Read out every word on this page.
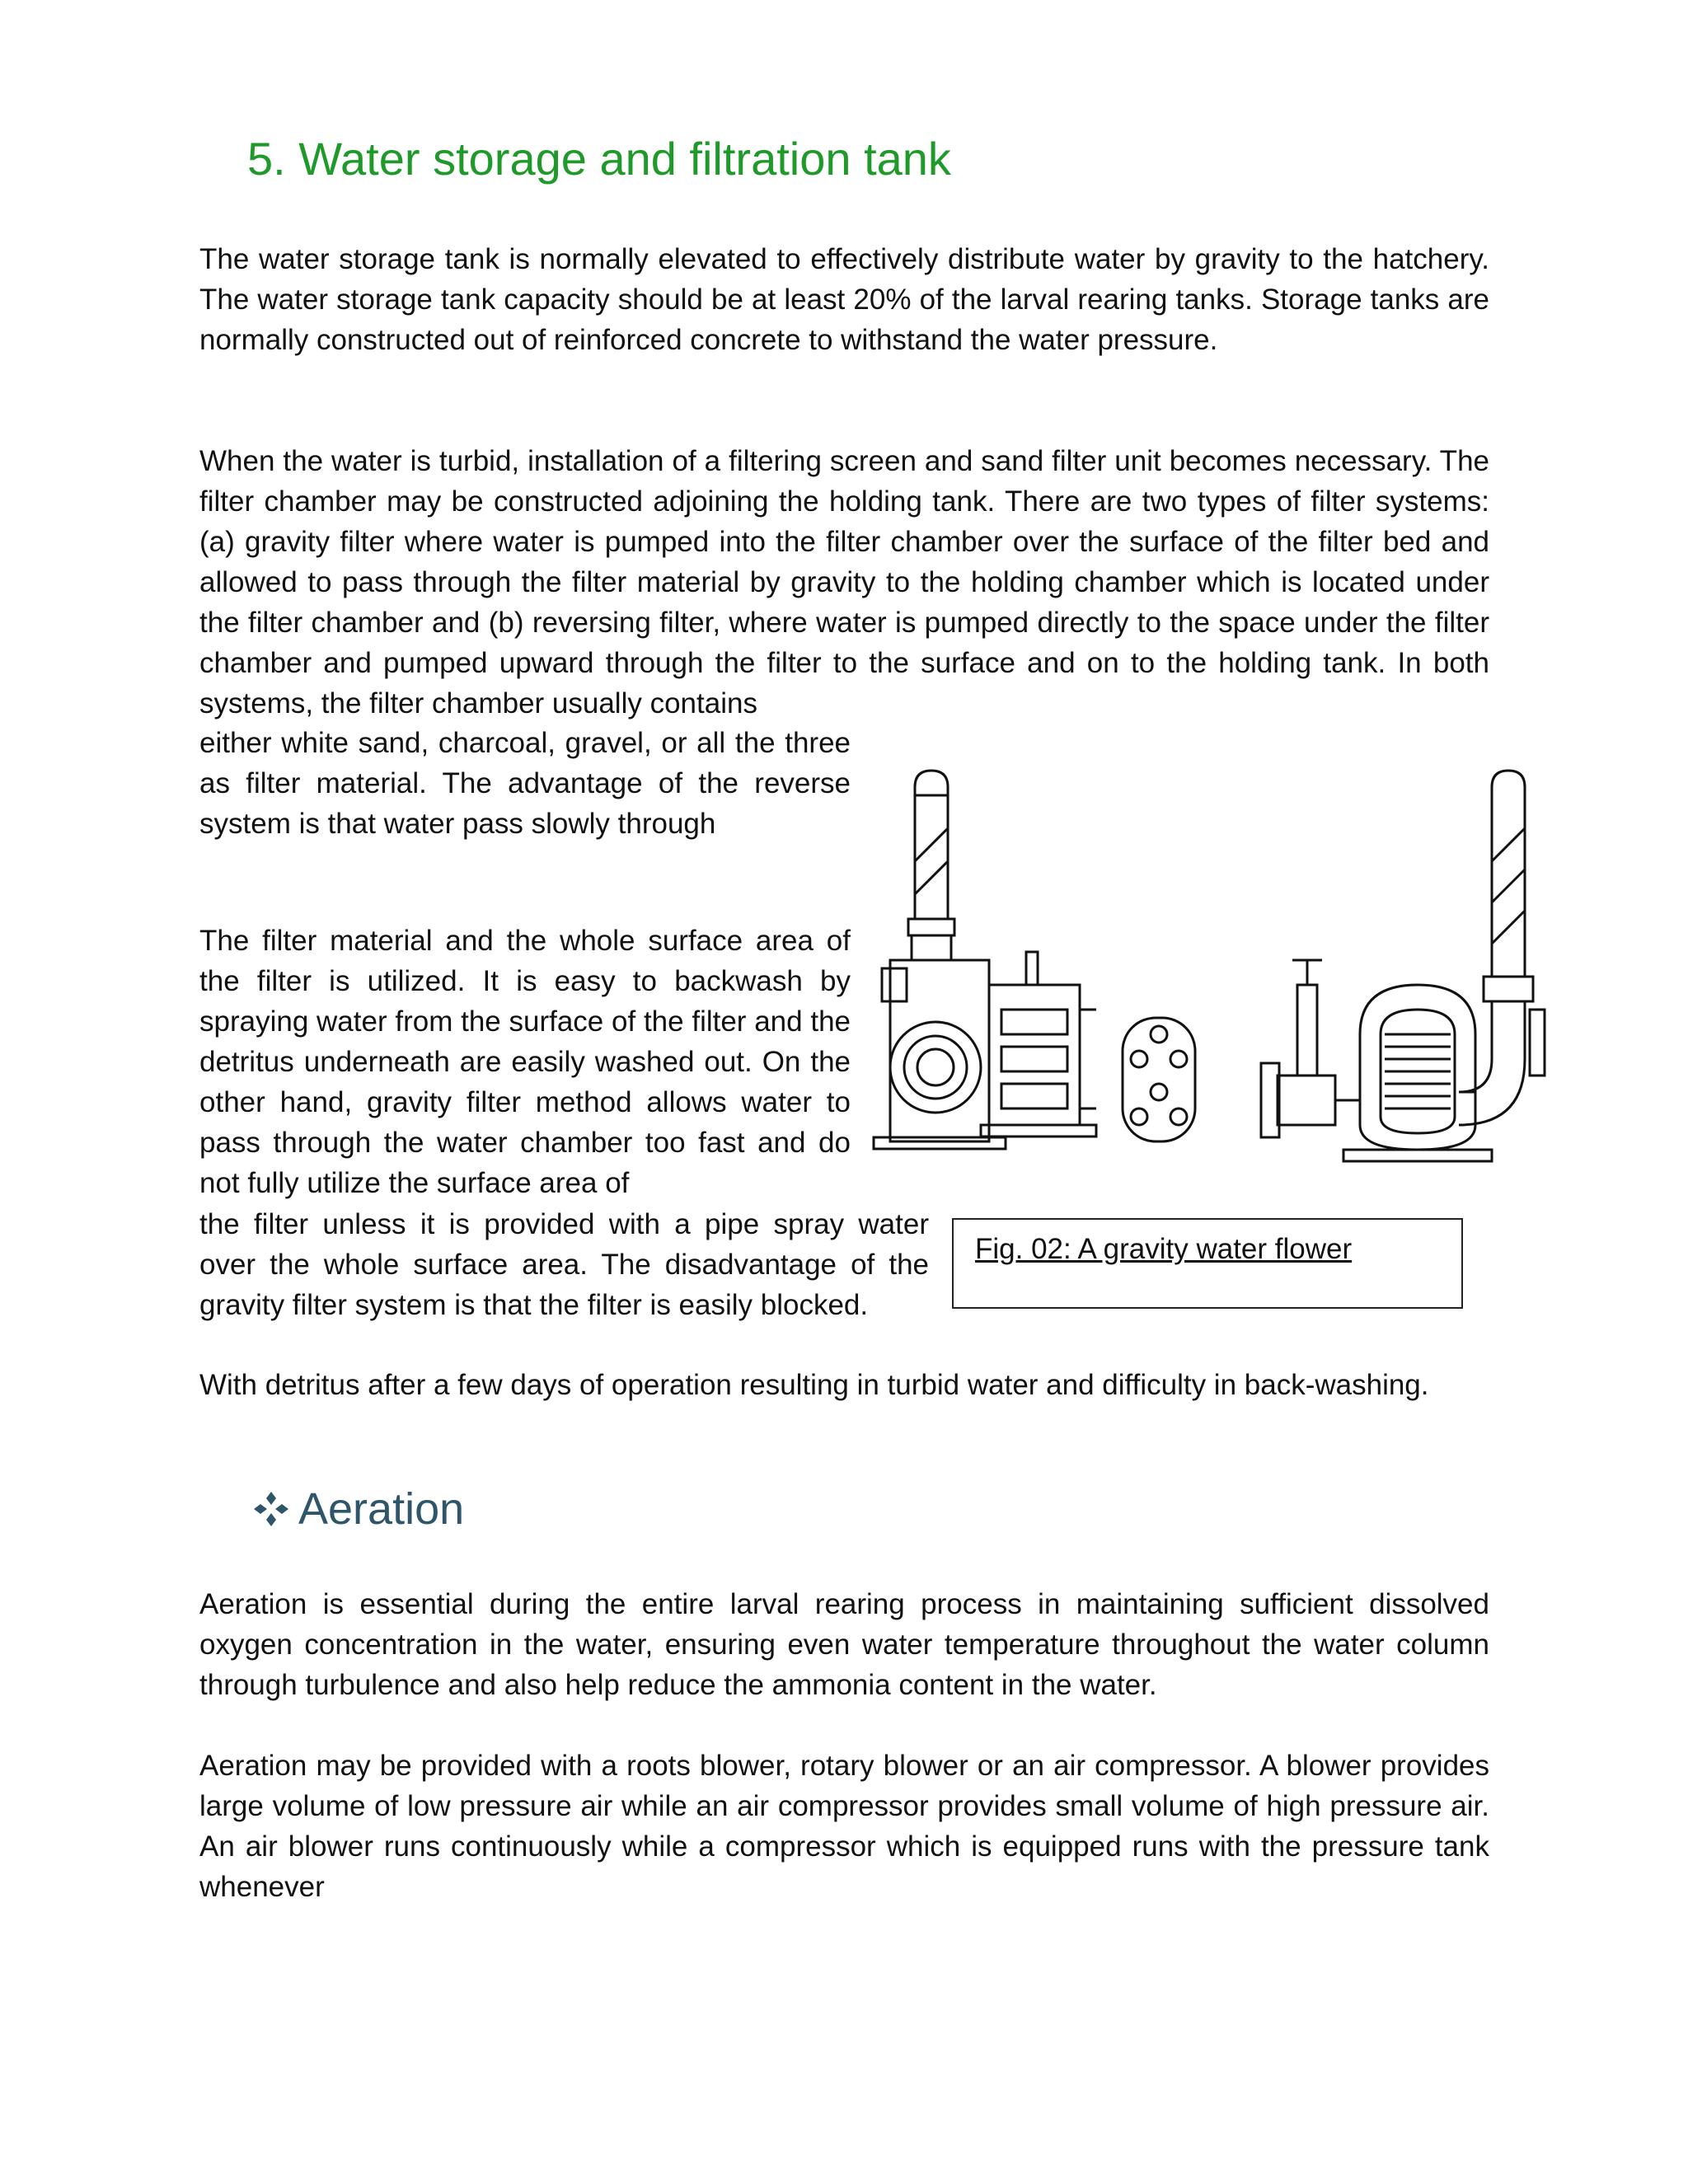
5. Water storage and filtration tank

The water storage tank is normally elevated to effectively distribute water by gravity to the hatchery. The water storage tank capacity should be at least 20% of the larval rearing tanks. Storage tanks are normally constructed out of reinforced concrete to withstand the water pressure.

When the water is turbid, installation of a filtering screen and sand filter unit becomes necessary. The filter chamber may be constructed adjoining the holding tank. There are two types of filter systems: (a) gravity filter where water is pumped into the filter chamber over the surface of the filter bed and allowed to pass through the filter material by gravity to the holding chamber which is located under the filter chamber and (b) reversing filter, where water is pumped directly to the space under the filter chamber and pumped upward through the filter to the surface and on to the holding tank. In both systems, the filter chamber usually contains

either white sand, charcoal, gravel, or all the three as filter material. The advantage of the reverse system is that water pass slowly through

The filter material and the whole surface area of the filter is utilized. It is easy to backwash by spraying water from the surface of the filter and the detritus underneath are easily washed out. On the other hand, gravity filter method allows water to pass through the water chamber too fast and do not fully utilize the surface area of

the filter unless it is provided with a pipe spray water over the whole surface area. The disadvantage of the gravity filter system is that the filter is easily blocked.

With detritus after a few days of operation resulting in turbid water and difficulty in back-washing.

Fig. 02: A gravity water flower

Aeration

Aeration is essential during the entire larval rearing process in maintaining sufficient dissolved oxygen concentration in the water, ensuring even water temperature throughout the water column through turbulence and also help reduce the ammonia content in the water.

Aeration may be provided with a roots blower, rotary blower or an air compressor. A blower provides large volume of low pressure air while an air compressor provides small volume of high pressure air. An air blower runs continuously while a compressor which is equipped runs with the pressure tank whenever
